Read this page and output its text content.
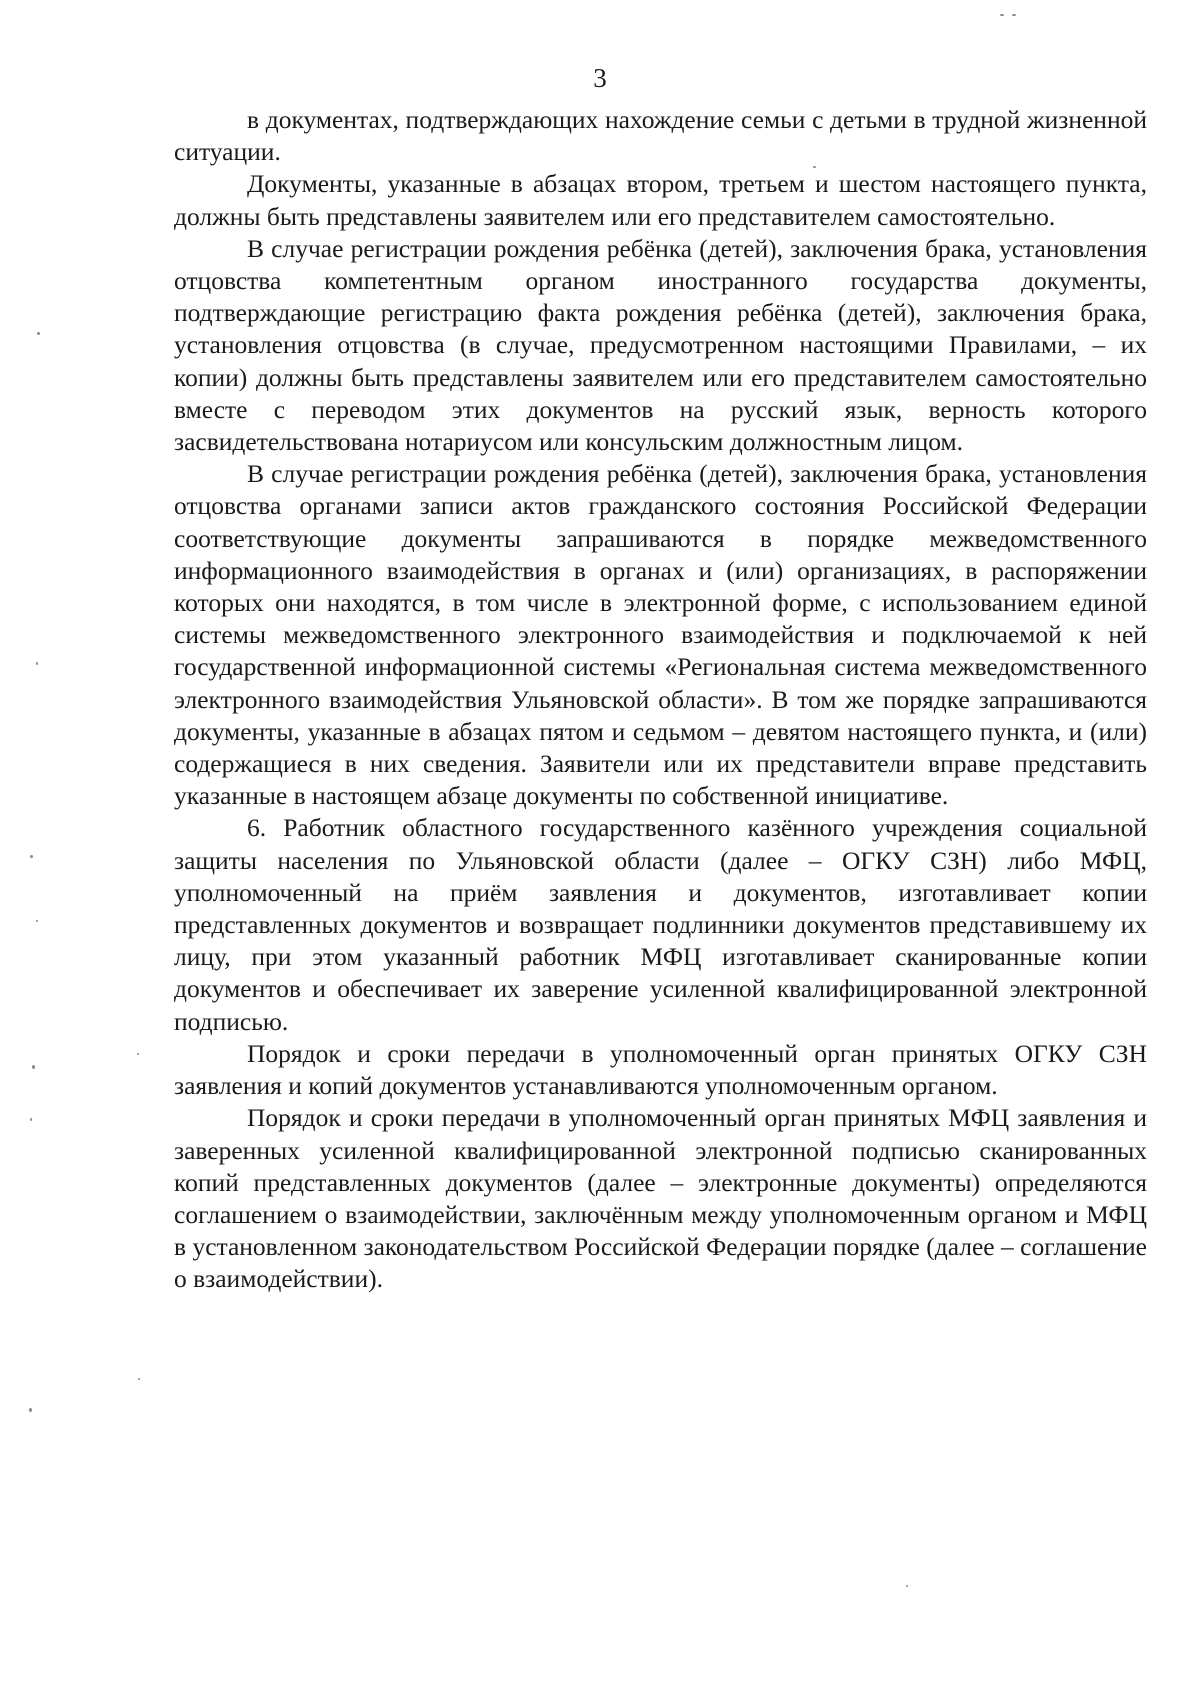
3

в документах, подтверждающих нахождение семьи с детьми в трудной жизненной ситуации.

Документы, указанные в абзацах втором, третьем и шестом настоящего пункта, должны быть представлены заявителем или его представителем самостоятельно.

В случае регистрации рождения ребёнка (детей), заключения брака, установления отцовства компетентным органом иностранного государства документы, подтверждающие регистрацию факта рождения ребёнка (детей), заключения брака, установления отцовства (в случае, предусмотренном настоящими Правилами, – их копии) должны быть представлены заявителем или его представителем самостоятельно вместе с переводом этих документов на русский язык, верность которого засвидетельствована нотариусом или консульским должностным лицом.

В случае регистрации рождения ребёнка (детей), заключения брака, установления отцовства органами записи актов гражданского состояния Российской Федерации соответствующие документы запрашиваются в порядке межведомственного информационного взаимодействия в органах и (или) организациях, в распоряжении которых они находятся, в том числе в электронной форме, с использованием единой системы межведомственного электронного взаимодействия и подключаемой к ней государственной информационной системы «Региональная система межведомственного электронного взаимодействия Ульяновской области». В том же порядке запрашиваются документы, указанные в абзацах пятом и седьмом – девятом настоящего пункта, и (или) содержащиеся в них сведения. Заявители или их представители вправе представить указанные в настоящем абзаце документы по собственной инициативе.

6. Работник областного государственного казённого учреждения социальной защиты населения по Ульяновской области (далее – ОГКУ СЗН) либо МФЦ, уполномоченный на приём заявления и документов, изготавливает копии представленных документов и возвращает подлинники документов представившему их лицу, при этом указанный работник МФЦ изготавливает сканированные копии документов и обеспечивает их заверение усиленной квалифицированной электронной подписью.

Порядок и сроки передачи в уполномоченный орган принятых ОГКУ СЗН заявления и копий документов устанавливаются уполномоченным органом.

Порядок и сроки передачи в уполномоченный орган принятых МФЦ заявления и заверенных усиленной квалифицированной электронной подписью сканированных копий представленных документов (далее – электронные документы) определяются соглашением о взаимодействии, заключённым между уполномоченным органом и МФЦ в установленном законодательством Российской Федерации порядке (далее – соглашение о взаимодействии).
